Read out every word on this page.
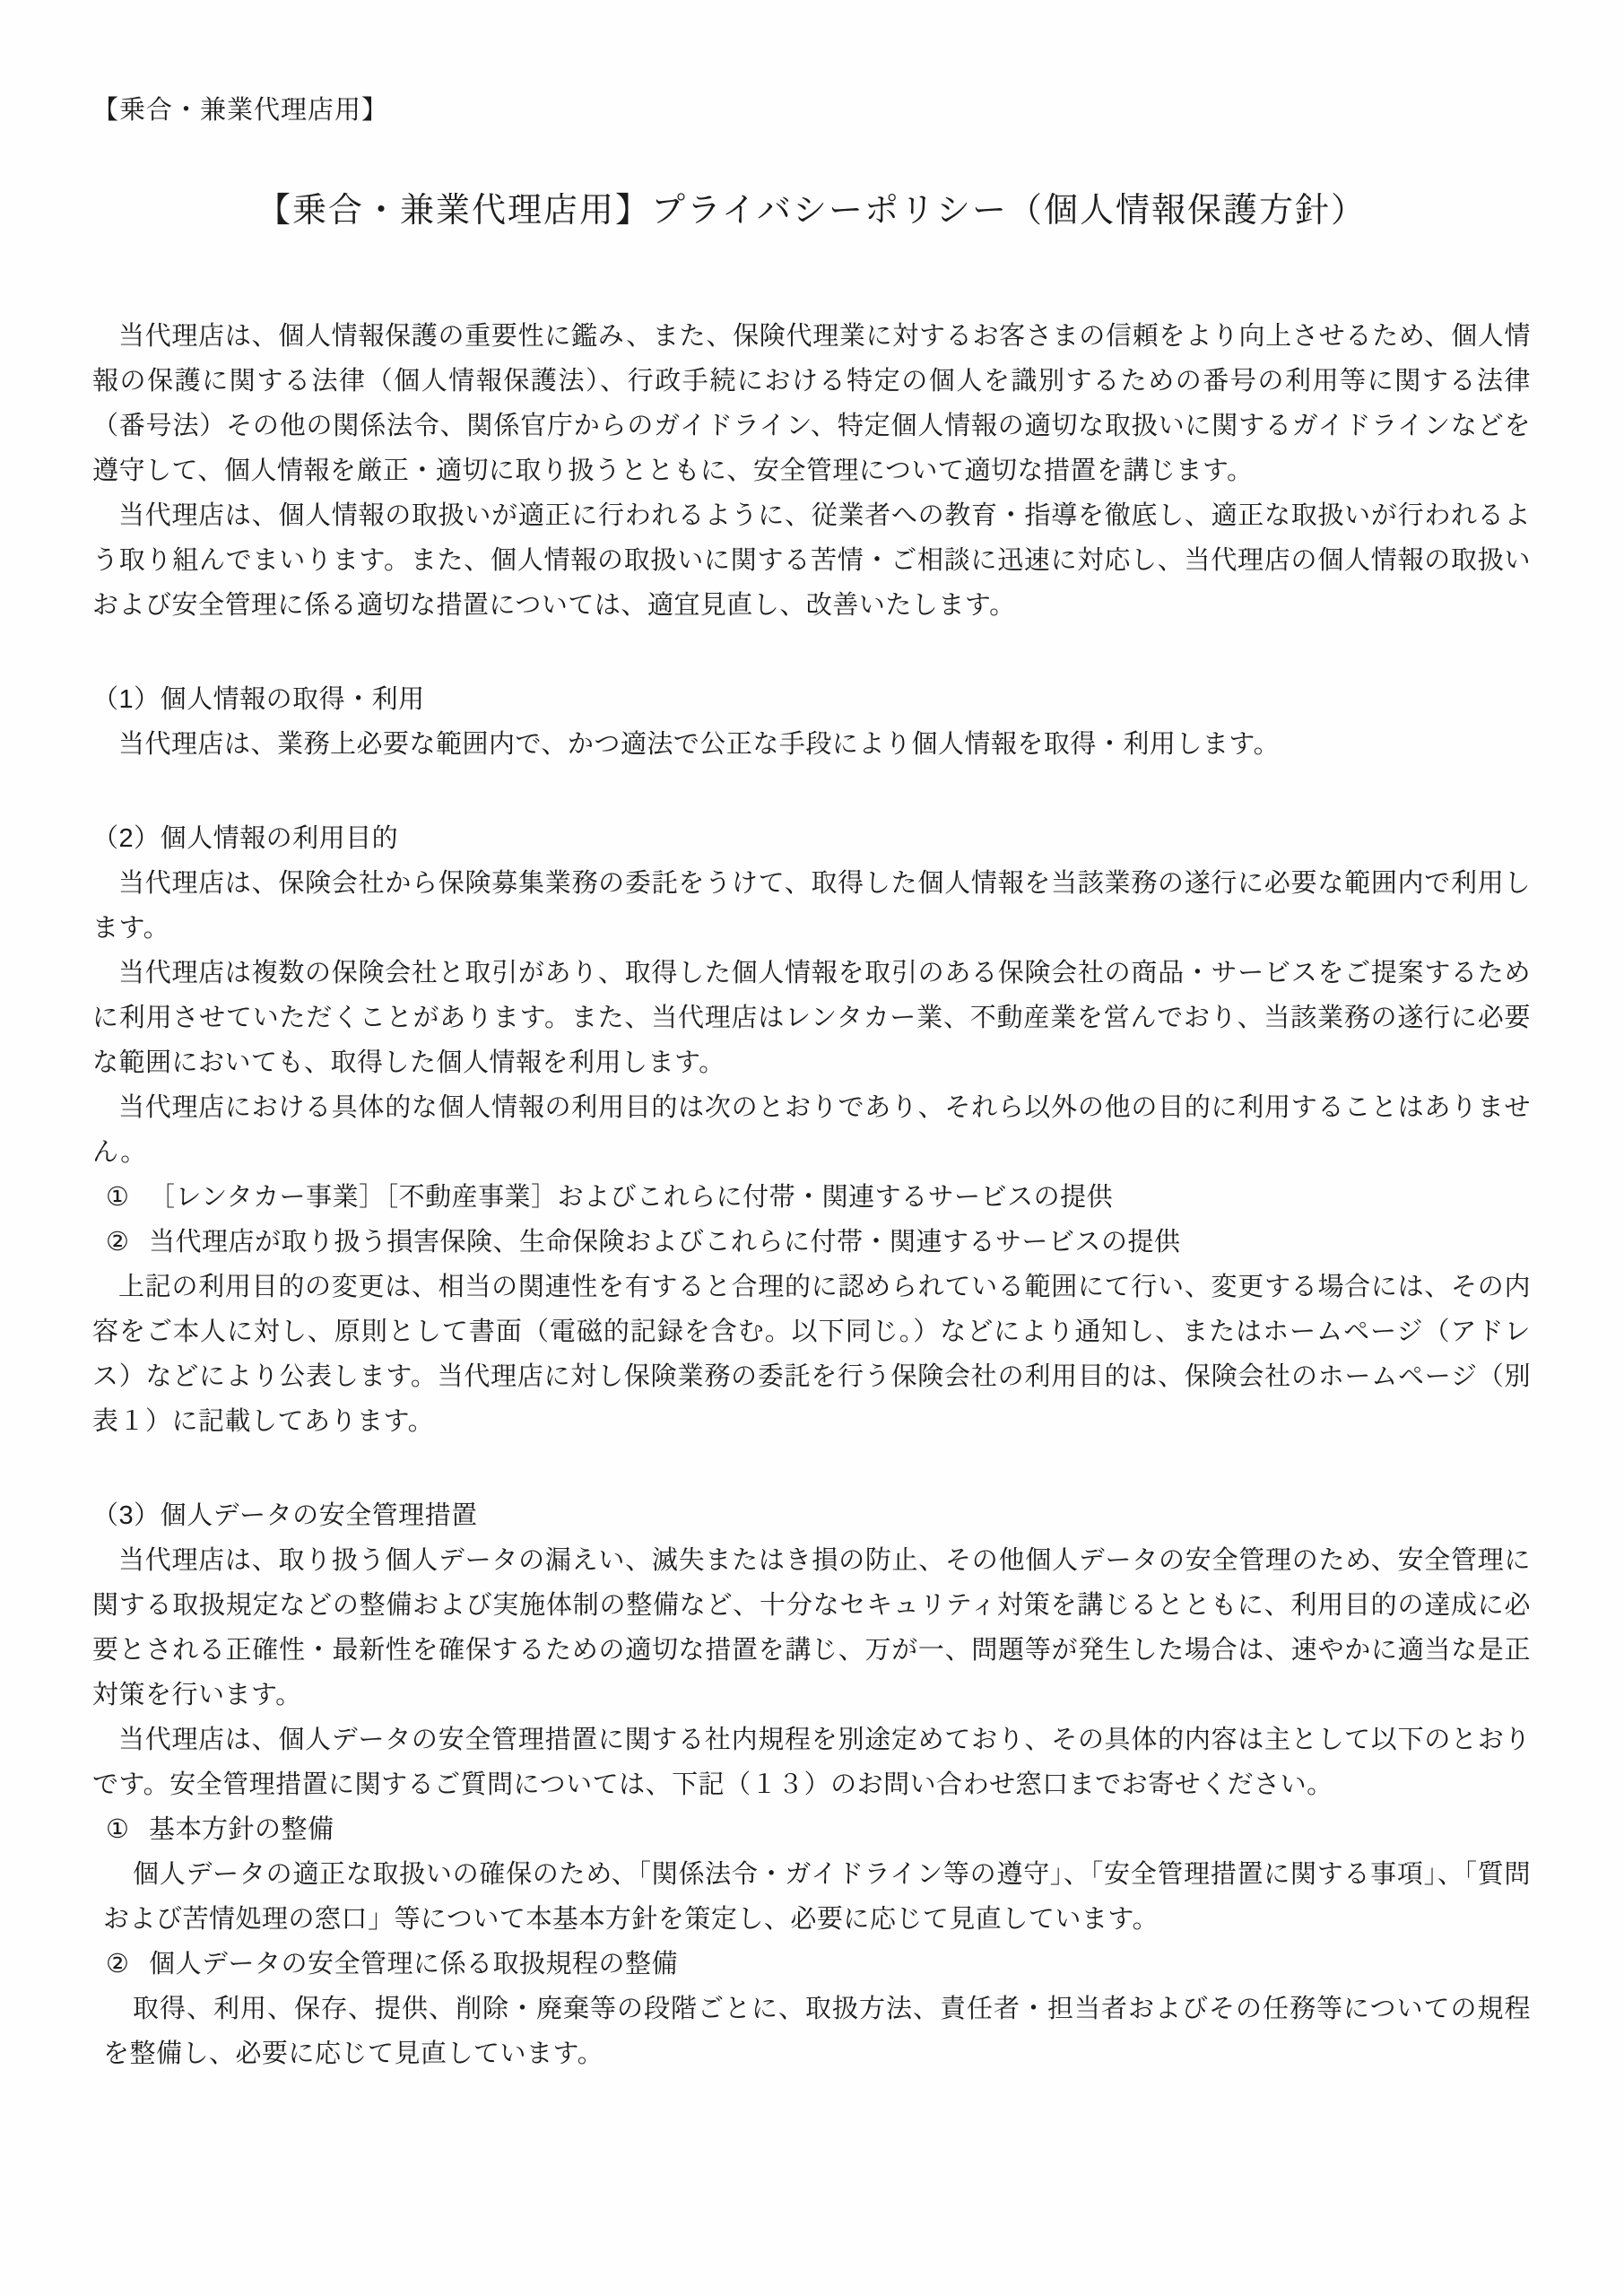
【乗合・兼業代理店用】
【乗合・兼業代理店用】プライバシーポリシー（個人情報保護方針）

当代理店は、個人情報保護の重要性に鑑み、また、保険代理業に対するお客さまの信頼をより向上させるため、個人情報の保護に関する法律（個人情報保護法）、行政手続における特定の個人を識別するための番号の利用等に関する法律（番号法）その他の関係法令、関係官庁からのガイドライン、特定個人情報の適切な取扱いに関するガイドラインなどを遵守して、個人情報を厳正・適切に取り扱うとともに、安全管理について適切な措置を講じます。

当代理店は、個人情報の取扱いが適正に行われるように、従業者への教育・指導を徹底し、適正な取扱いが行われるよう取り組んでまいります。また、個人情報の取扱いに関する苦情・ご相談に迅速に対応し、当代理店の個人情報の取扱いおよび安全管理に係る適切な措置については、適宜見直し、改善いたします。

（1）個人情報の取得・利用

当代理店は、業務上必要な範囲内で、かつ適法で公正な手段により個人情報を取得・利用します。

（2）個人情報の利用目的

当代理店は、保険会社から保険募集業務の委託をうけて、取得した個人情報を当該業務の遂行に必要な範囲内で利用します。

当代理店は複数の保険会社と取引があり、取得した個人情報を取引のある保険会社の商品・サービスをご提案するために利用させていただくことがあります。また、当代理店はレンタカー業、不動産業を営んでおり、当該業務の遂行に必要な範囲においても、取得した個人情報を利用します。

当代理店における具体的な個人情報の利用目的は次のとおりであり、それら以外の他の目的に利用することはありません。

① ［レンタカー事業］［不動産事業］およびこれらに付帯・関連するサービスの提供
② 当代理店が取り扱う損害保険、生命保険およびこれらに付帯・関連するサービスの提供

上記の利用目的の変更は、相当の関連性を有すると合理的に認められている範囲にて行い、変更する場合には、その内容をご本人に対し、原則として書面（電磁的記録を含む。以下同じ。）などにより通知し、またはホームページ（アドレス）などにより公表します。当代理店に対し保険業務の委託を行う保険会社の利用目的は、保険会社のホームページ（別表１）に記載してあります。

（3）個人データの安全管理措置

当代理店は、取り扱う個人データの漏えい、滅失またはき損の防止、その他個人データの安全管理のため、安全管理に関する取扱規定などの整備および実施体制の整備など、十分なセキュリティ対策を講じるとともに、利用目的の達成に必要とされる正確性・最新性を確保するための適切な措置を講じ、万が一、問題等が発生した場合は、速やかに適当な是正対策を行います。

当代理店は、個人データの安全管理措置に関する社内規程を別途定めており、その具体的内容は主として以下のとおりです。安全管理措置に関するご質問については、下記（１３）のお問い合わせ窓口までお寄せください。

① 基本方針の整備

個人データの適正な取扱いの確保のため、「関係法令・ガイドライン等の遵守」、「安全管理措置に関する事項」、「質問および苦情処理の窓口」等について本基本方針を策定し、必要に応じて見直しています。

② 個人データの安全管理に係る取扱規程の整備

取得、利用、保存、提供、削除・廃棄等の段階ごとに、取扱方法、責任者・担当者およびその任務等についての規程を整備し、必要に応じて見直しています。
